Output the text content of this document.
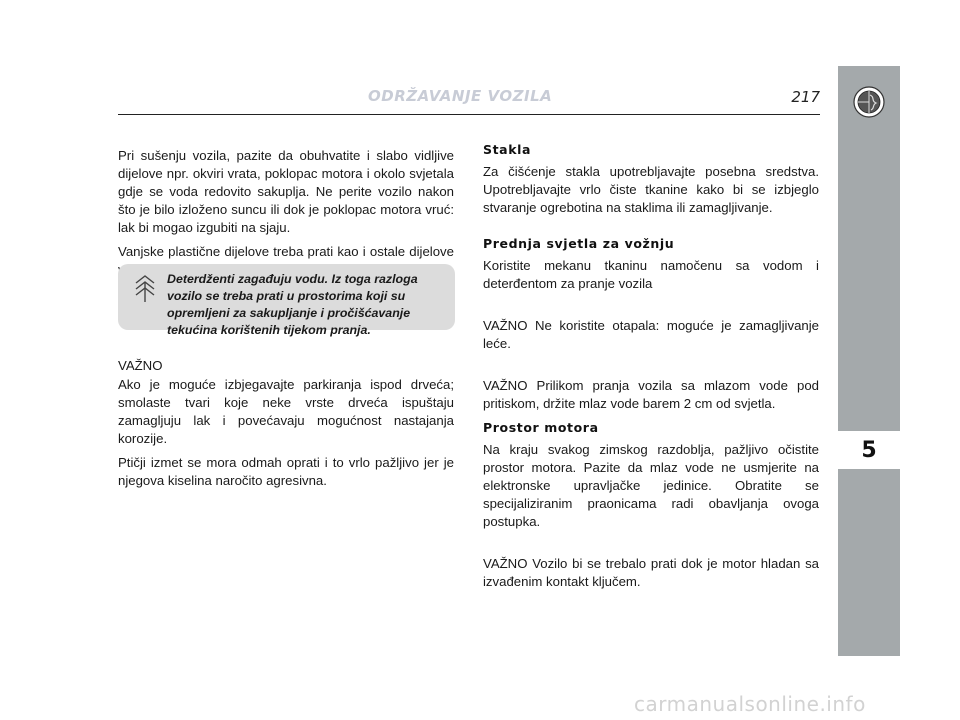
ODRŽAVANJE VOZILA	217
5

Pri sušenju vozila, pazite da obuhvatite i slabo vidljive dijelove npr. okviri vrata, poklopac motora i okolo svjetala gdje se voda redovito sakuplja. Ne perite vozilo nakon što je bilo izloženo suncu ili dok je poklopac motora vruć: lak bi mogao izgubiti na sjaju.

Vanjske plastične dijelove treba prati kao i ostale dijelove

Deterdženti zagađuju vodu. Iz toga razloga vozilo se treba prati u prostorima koji su opremljeni za sakupljanje i pročišćavanje tekućina korištenih tijekom pranja.

VAŽNO

Ako je moguće izbjegavajte parkiranja ispod drveća; smolaste tvari koje neke vrste drveća ispuštaju zamagljuju lak i povećavaju mogućnost nastajanja korozije.

Ptičji izmet se mora odmah oprati i to vrlo pažljivo jer je njegova kiselina naročito agresivna.

Stakla

Za čišćenje stakla upotrebljavajte posebna sredstva. Upotrebljavajte vrlo čiste tkanine kako bi se izbjeglo stvaranje ogrebotina na staklima ili zamagljivanje.

Prednja svjetla za vožnju

Koristite mekanu tkaninu namočenu sa vodom i deterđentom za pranje vozila

VAŽNO Ne koristite otapala: moguće je zamagljivanje leće.

VAŽNO Prilikom pranja vozila sa mlazom vode pod pritiskom, držite mlaz vode barem 2 cm od svjetla.

Prostor motora

Na kraju svakog zimskog razdoblja, pažljivo očistite prostor motora. Pazite da mlaz vode ne usmjerite na elektronske upravljačke jedinice. Obratite se specijaliziranim praonicama radi obavljanja ovoga postupka.

VAŽNO Vozilo bi se trebalo prati dok je motor hladan sa izvađenim kontakt ključem.

carmanualsonline.info
